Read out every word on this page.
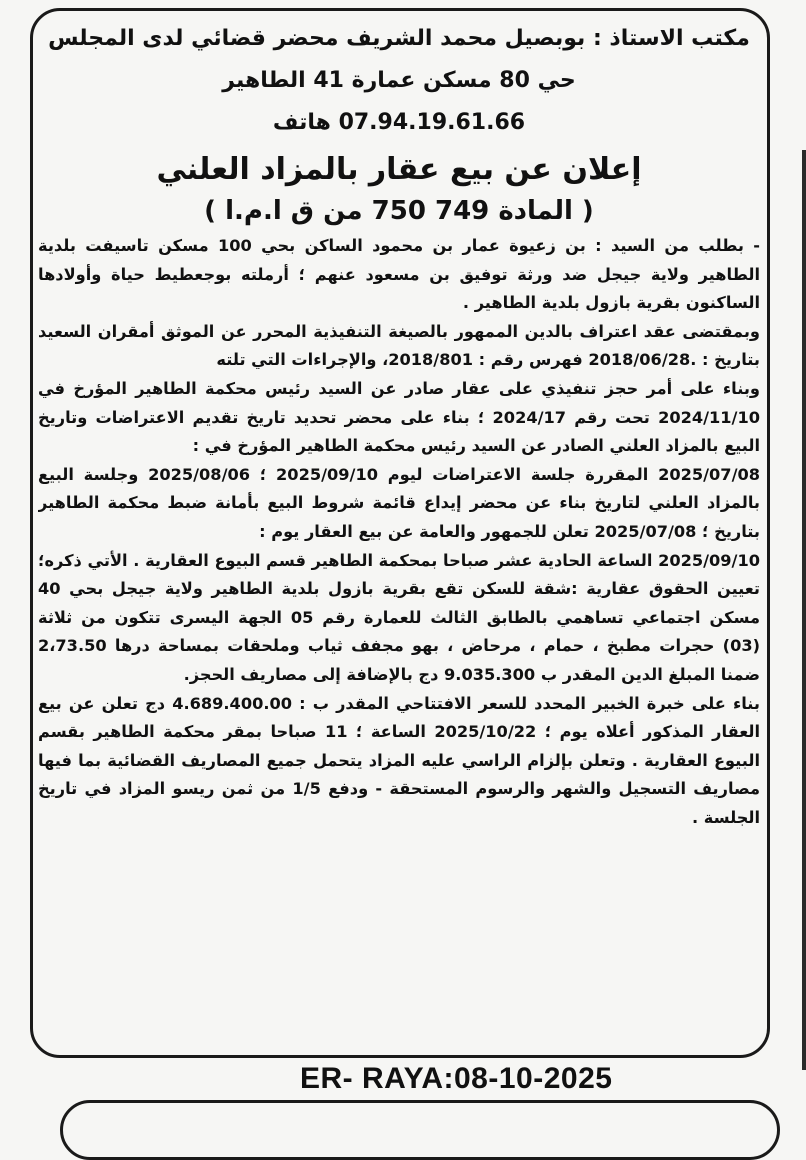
مكتب الاستاذ : بوبصيل محمد الشريف محضر قضائي لدى المجلس
حي 80 مسكن عمارة 41 الطاهير
07.94.19.61.66 هاتف
إعلان عن بيع عقار بالمزاد العلني
( المادة 749 750 من ق ا.م.ا )

- بطلب من السيد : بن زعيوة عمار بن محمود الساكن بحي 100 مسكن تاسيفت بلدية الطاهير ولاية جيجل ضد ورثة توفيق بن مسعود عنهم ؛ أرملته بوجعطيط حياة وأولادها الساكنون بقرية بازول بلدية الطاهير .

وبمقتضى عقد اعتراف بالدين الممهور بالصيغة التنفيذية المحرر عن الموثق أمقران السعيد بتاريخ : .2018/06/28 فهرس رقم : 2018/801، والإجراءات التي تلته

وبناء على أمر حجز تنفيذي على عقار صادر عن السيد رئيس محكمة الطاهير المؤرخ في 2024/11/10 تحت رقم 2024/17 ؛ بناء على محضر تحديد تاريخ تقديم الاعتراضات وتاريخ البيع بالمزاد العلني الصادر عن السيد رئيس محكمة الطاهير المؤرخ في :

2025/07/08 المقررة جلسة الاعتراضات ليوم 2025/09/10 ؛ 2025/08/06 وجلسة البيع بالمزاد العلني لتاريخ بناء عن محضر إيداع قائمة شروط البيع بأمانة ضبط محكمة الطاهير بتاريخ ؛ 2025/07/08 تعلن للجمهور والعامة عن بيع العقار يوم :

2025/09/10 الساعة الحادية عشر صباحا بمحكمة الطاهير قسم البيوع العقارية . الأتي ذكره؛ تعيين الحقوق عقارية :شقة للسكن تقع بقرية بازول بلدية الطاهير ولاية جيجل بحي 40 مسكن اجتماعي تساهمي بالطابق الثالث للعمارة رقم 05 الجهة اليسرى تتكون من ثلاثة (03) حجرات مطبخ ، حمام ، مرحاض ، بهو مجفف ثياب وملحقات بمساحة درها 2،73.50 ضمنا المبلغ الدين المقدر ب 9.035.300 دج بالإضافة إلى مصاريف الحجز.

بناء على خبرة الخبير المحدد للسعر الافتتاحي المقدر ب : 4.689.400.00 دج تعلن عن بيع العقار المذكور أعلاه يوم ؛ 2025/10/22 الساعة ؛ 11 صباحا بمقر محكمة الطاهير بقسم البيوع العقارية . وتعلن بإلزام الراسي عليه المزاد يتحمل جميع المصاريف القضائية بما فيها مصاريف التسجيل والشهر والرسوم المستحقة - ودفع 1/5 من ثمن ريسو المزاد في تاريخ الجلسة .

ER- RAYA:08-10-2025
